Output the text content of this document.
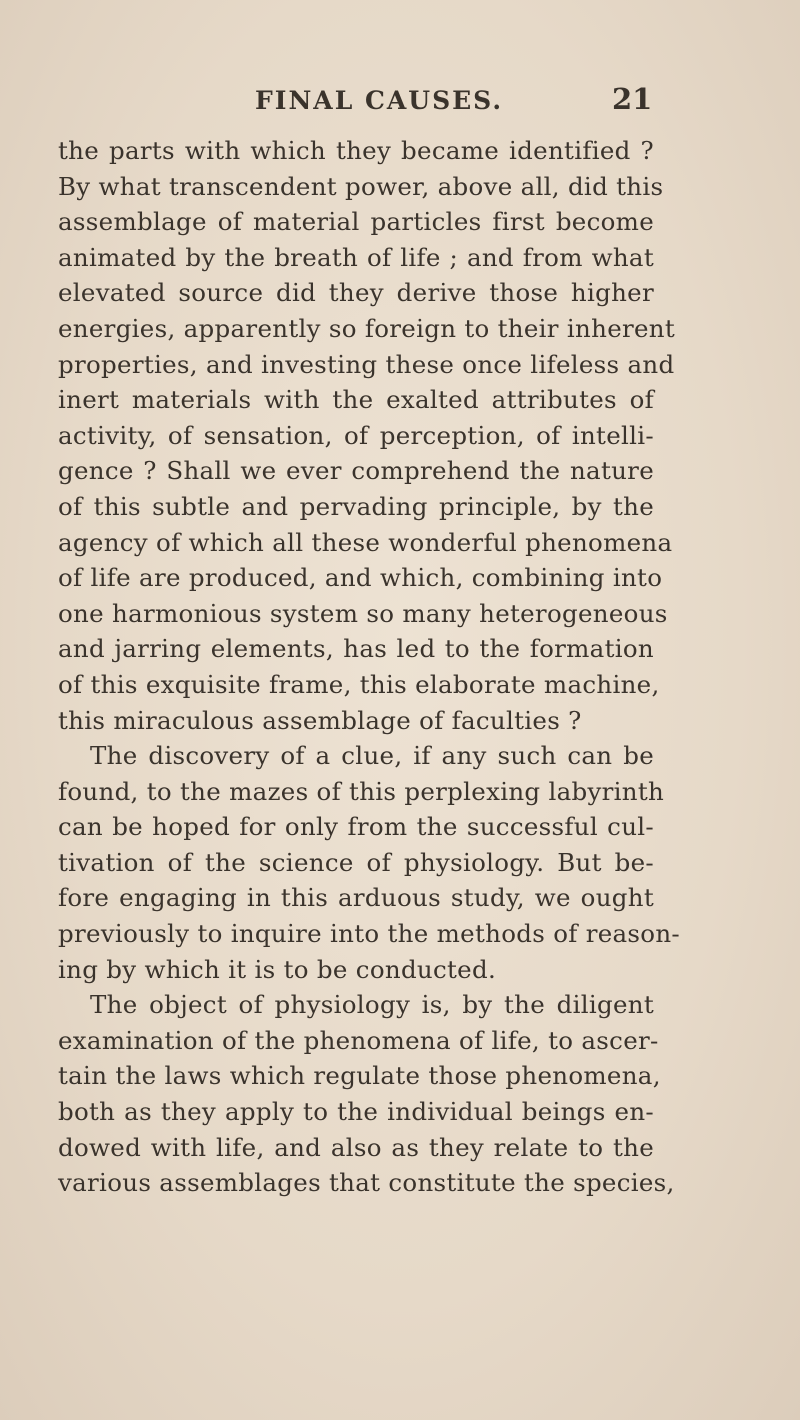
FINAL CAUSES.	21
the parts with which they became identified ?
By what transcendent power, above all, did this
assemblage of material particles first become
animated by the breath of life ; and from what
elevated source did they derive those higher
energies, apparently so foreign to their inherent
properties, and investing these once lifeless and
inert materials with the exalted attributes of
activity, of sensation, of perception, of intelli-
gence ? Shall we ever comprehend the nature
of this subtle and pervading principle, by the
agency of which all these wonderful phenomena
of life are produced, and which, combining into
one harmonious system so many heterogeneous
and jarring elements, has led to the formation
of this exquisite frame, this elaborate machine,
this miraculous assemblage of faculties ?
The discovery of a clue, if any such can be
found, to the mazes of this perplexing labyrinth
can be hoped for only from the successful cul-
tivation of the science of physiology. But be-
fore engaging in this arduous study, we ought
previously to inquire into the methods of reason-
ing by which it is to be conducted.
The object of physiology is, by the diligent
examination of the phenomena of life, to ascer-
tain the laws which regulate those phenomena,
both as they apply to the individual beings en-
dowed with life, and also as they relate to the
various assemblages that constitute the species,
